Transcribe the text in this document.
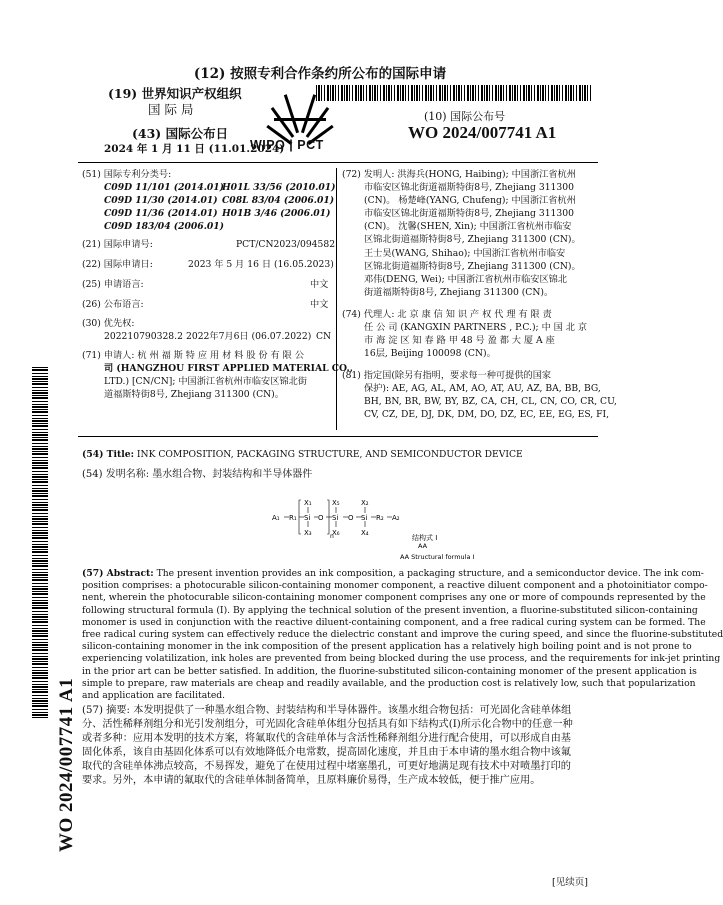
(12) 按照专利合作条约所公布的国际申请
(19) 世界知识产权组织
国 际 局
(43) 国际公布日
2024 年 1 月 11 日 (11.01.2024)
WIPO | PCT
(10) 国际公布号
WO 2024/007741 A1
(51) 国际专利分类号:
C09D 11/101 (2014.01)H01L 33/56 (2010.01)
C09D 11/30 (2014.01) C08L 83/04 (2006.01)
C09D 11/36 (2014.01) H01B 3/46 (2006.01)
C09D 183/04 (2006.01)
(21) 国际申请号:	PCT/CN2023/094582
(22) 国际申请日:	2023 年 5 月 16 日 (16.05.2023)
(25) 申请语言:	中文
(26) 公布语言:	中文
(30) 优先权:
202210790328.2 2022年7月6日 (06.07.2022) CN
(71) 申请人: 杭 州 福 斯 特 应 用 材 料 股 份 有 限 公
司 (HANGZHOU FIRST APPLIED MATERIAL CO.,
LTD.) [CN/CN]; 中国浙江省杭州市临安区锦北街
道福斯特街8号, Zhejiang 311300 (CN)。
(72) 发明人: 洪海兵(HONG, Haibing); 中国浙江省杭州
市临安区锦北街道福斯特街8号, Zhejiang 311300
(CN)。 杨楚峰(YANG, Chufeng); 中国浙江省杭州
市临安区锦北街道福斯特街8号, Zhejiang 311300
(CN)。 沈馨(SHEN, Xin); 中国浙江省杭州市临安
区锦北街道福斯特街8号, Zhejiang 311300 (CN)。
王士昊(WANG, Shihao); 中国浙江省杭州市临安
区锦北街道福斯特街8号, Zhejiang 311300 (CN)。
邓伟(DENG, Wei); 中国浙江省杭州市临安区锦北
街道福斯特街8号, Zhejiang 311300 (CN)。
(74) 代理人: 北 京 康 信 知 识 产 权 代 理 有 限 责
任 公 司 (KANGXIN PARTNERS , P.C.); 中 国 北 京
市 海 淀 区 知 春 路 甲 48 号 盈 都 大 厦 A 座
16层, Beijing 100098 (CN)。
(81) 指定国(除另有指明，要求每一种可提供的国家
保护): AE, AG, AL, AM, AO, AT, AU, AZ, BA, BB, BG,
BH, BN, BR, BW, BY, BZ, CA, CH, CL, CN, CO, CR, CU,
CV, CZ, DE, DJ, DK, DM, DO, DZ, EC, EE, EG, ES, FI,
WO 2024/007741 A1
(54) Title: INK COMPOSITION, PACKAGING STRUCTURE, AND SEMICONDUCTOR DEVICE
(54) 发明名称: 墨水组合物、封装结构和半导体器件
A₁ R₁ Si O Si O Si R₂ A₂
X₁
X₃
X₅
X₆
X₂
X₄
n	结构式 I
AA
AA Structural formula I
(57) Abstract: The present invention provides an ink composition, a packaging structure, and a semiconductor device. The ink com-
position comprises: a photocurable silicon-containing monomer component, a reactive diluent component and a photoinitiator compo-
nent, wherein the photocurable silicon-containing monomer component comprises any one or more of compounds represented by the
following structural formula (I). By applying the technical solution of the present invention, a fluorine-substituted silicon-containing
monomer is used in conjunction with the reactive diluent-containing component, and a free radical curing system can be formed. The
free radical curing system can effectively reduce the dielectric constant and improve the curing speed, and since the fluorine-substituted
silicon-containing monomer in the ink composition of the present application has a relatively high boiling point and is not prone to
experiencing volatilization, ink holes are prevented from being blocked during the use process, and the requirements for ink-jet printing
in the prior art can be better satisfied. In addition, the fluorine-substituted silicon-containing monomer of the present application is
simple to prepare, raw materials are cheap and readily available, and the production cost is relatively low, such that popularization
and application are facilitated.
(57) 摘要: 本发明提供了一种墨水组合物、封装结构和半导体器件。该墨水组合物包括：可光固化含硅单体组
分、活性稀释剂组分和光引发剂组分，可光固化含硅单体组分包括具有如下结构式(I)所示化合物中的任意一种
或者多种：应用本发明的技术方案，将氟取代的含硅单体与含活性稀释剂组分进行配合使用，可以形成自由基
固化体系，该自由基固化体系可以有效地降低介电常数，提高固化速度，并且由于本申请的墨水组合物中该氟
取代的含硅单体沸点较高，不易挥发，避免了在使用过程中堵塞墨孔，可更好地满足现有技术中对喷墨打印的
要求。另外，本申请的氟取代的含硅单体制备简单，且原料廉价易得，生产成本较低，便于推广应用。
[见续页]
